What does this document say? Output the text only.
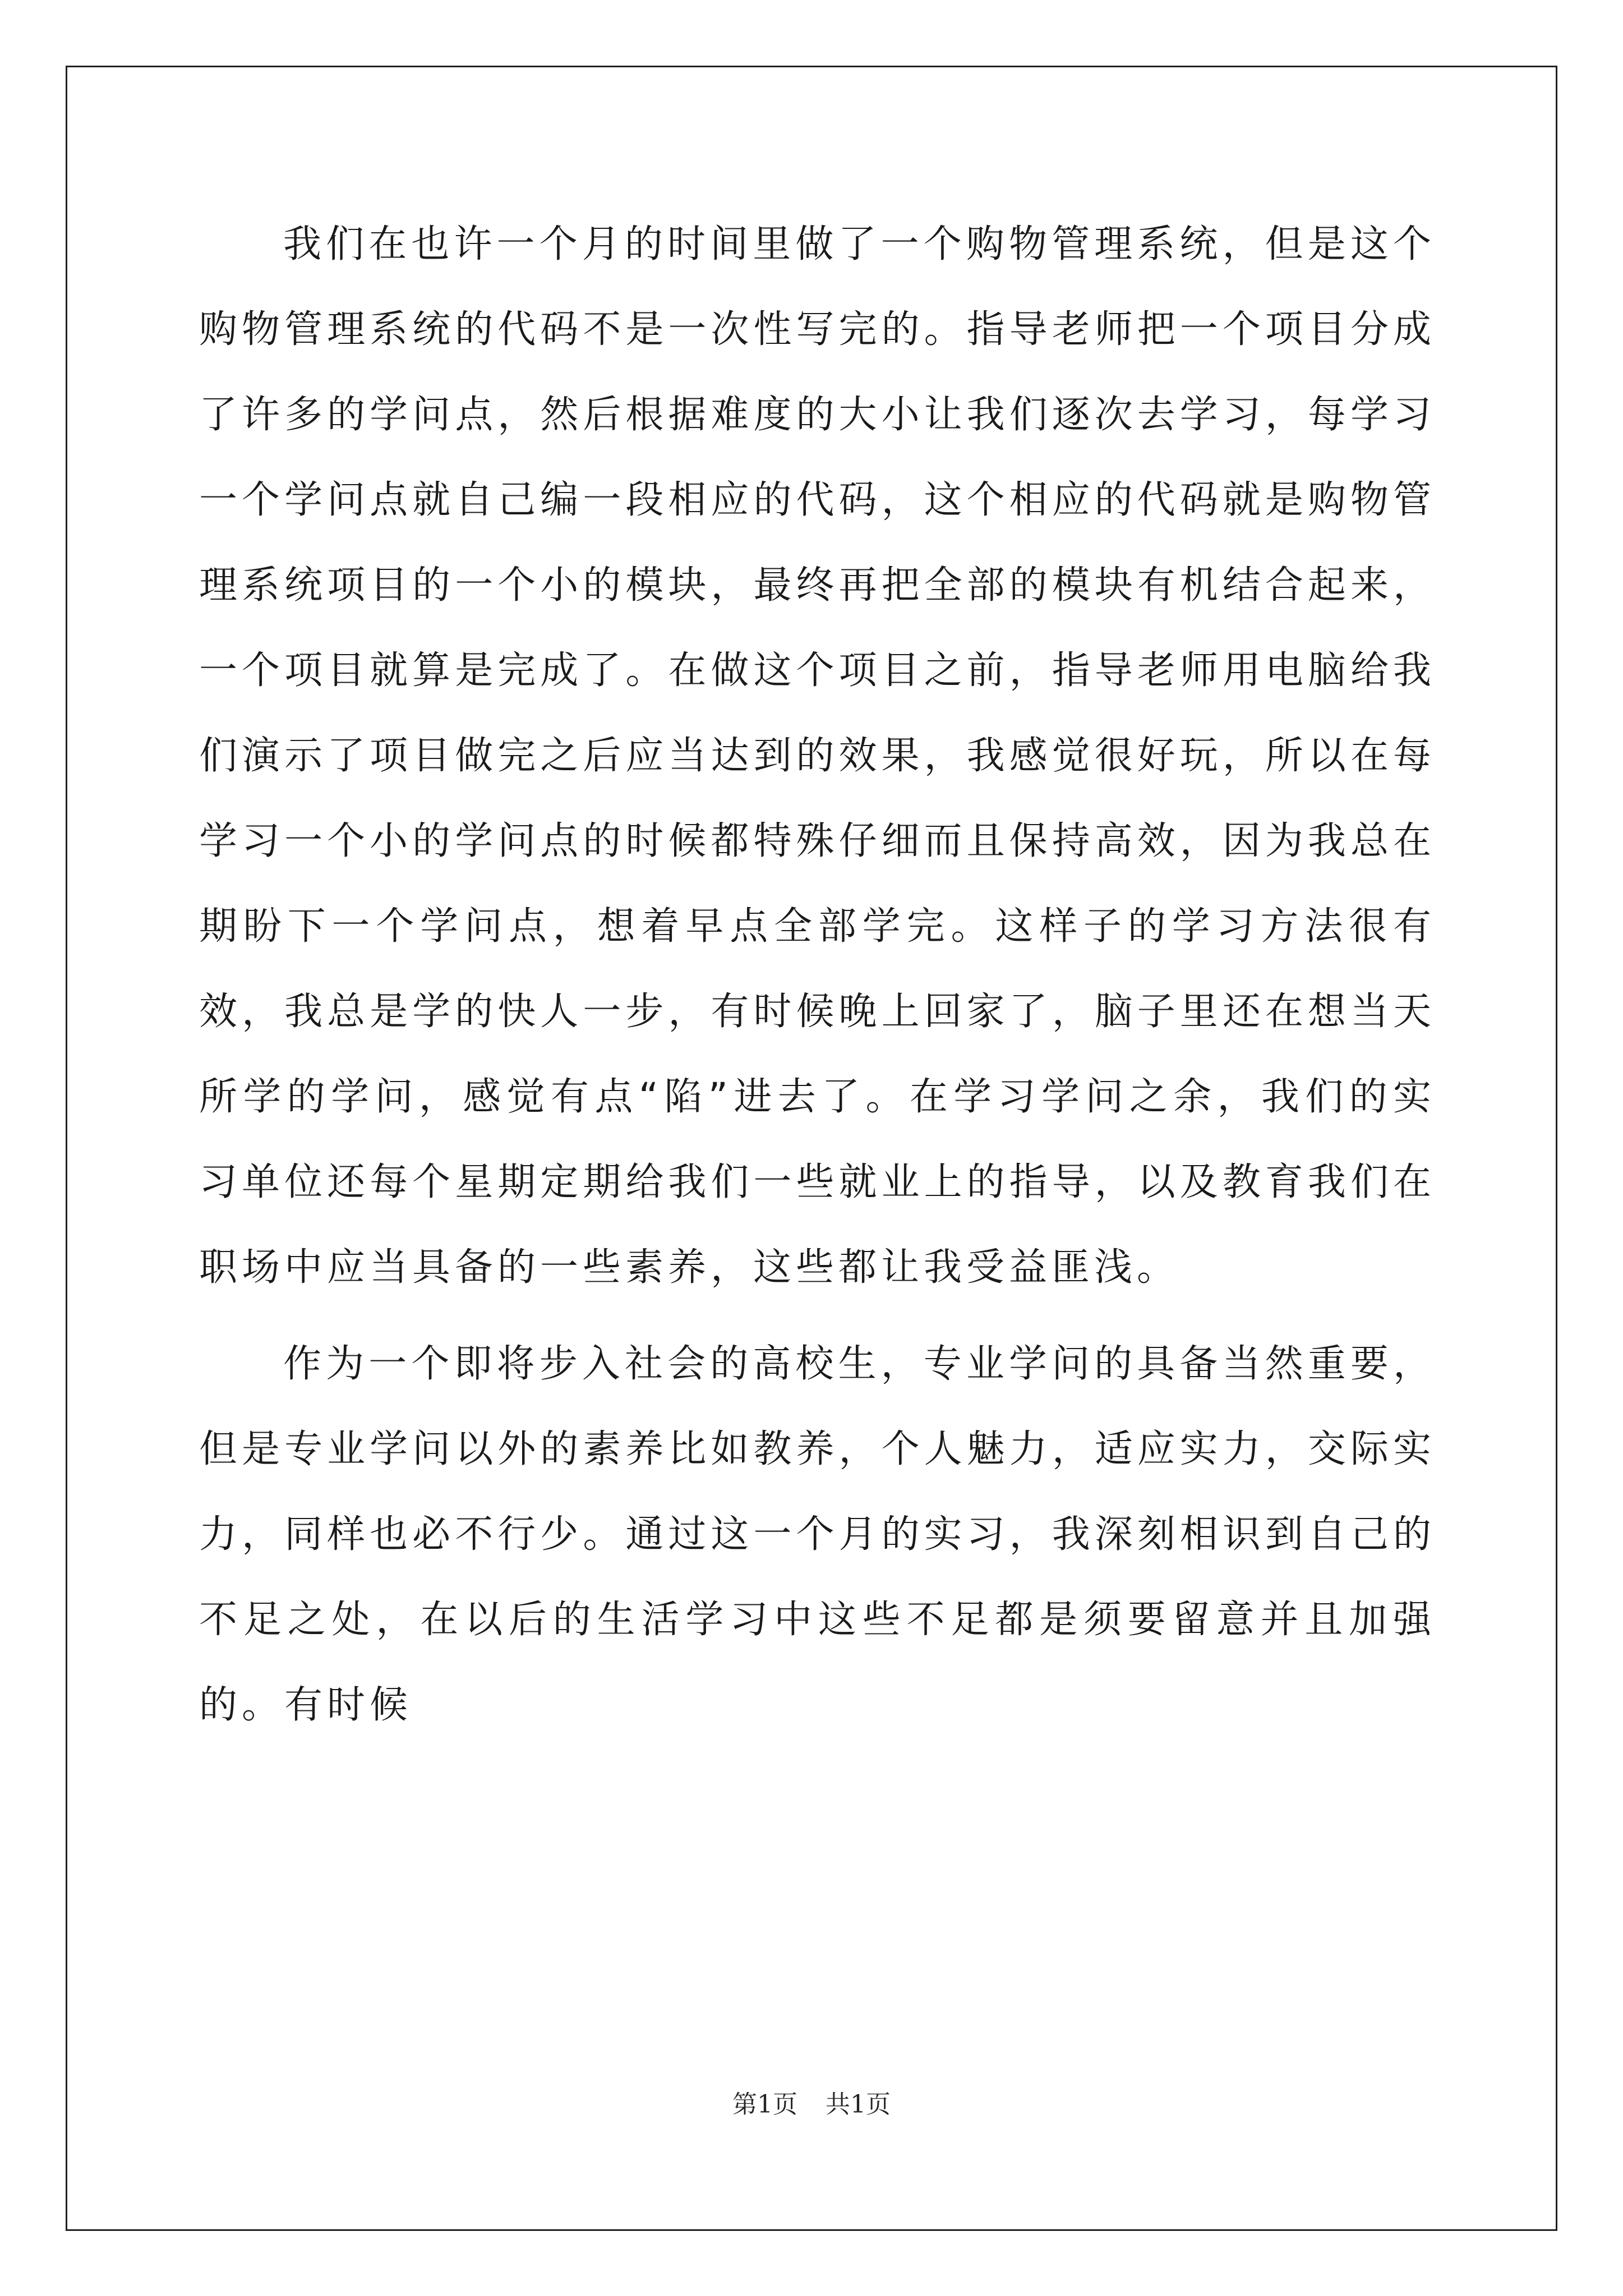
我们在也许一个月的时间里做了一个购物管理系统，但是这个购物管理系统的代码不是一次性写完的。指导老师把一个项目分成了许多的学问点，然后根据难度的大小让我们逐次去学习，每学习一个学问点就自己编一段相应的代码，这个相应的代码就是购物管理系统项目的一个小的模块，最终再把全部的模块有机结合起来，一个项目就算是完成了。在做这个项目之前，指导老师用电脑给我们演示了项目做完之后应当达到的效果，我感觉很好玩，所以在每学习一个小的学问点的时候都特殊仔细而且保持高效，因为我总在期盼下一个学问点，想着早点全部学完。这样子的学习方法很有效，我总是学的快人一步，有时候晚上回家了，脑子里还在想当天所学的学问，感觉有点“陷”进去了。在学习学问之余，我们的实习单位还每个星期定期给我们一些就业上的指导，以及教育我们在职场中应当具备的一些素养，这些都让我受益匪浅。

作为一个即将步入社会的高校生，专业学问的具备当然重要，但是专业学问以外的素养比如教养，个人魅力，适应实力，交际实力，同样也必不行少。通过这一个月的实习，我深刻相识到自己的不足之处，在以后的生活学习中这些不足都是须要留意并且加强的。有时候

第1页 共1页
